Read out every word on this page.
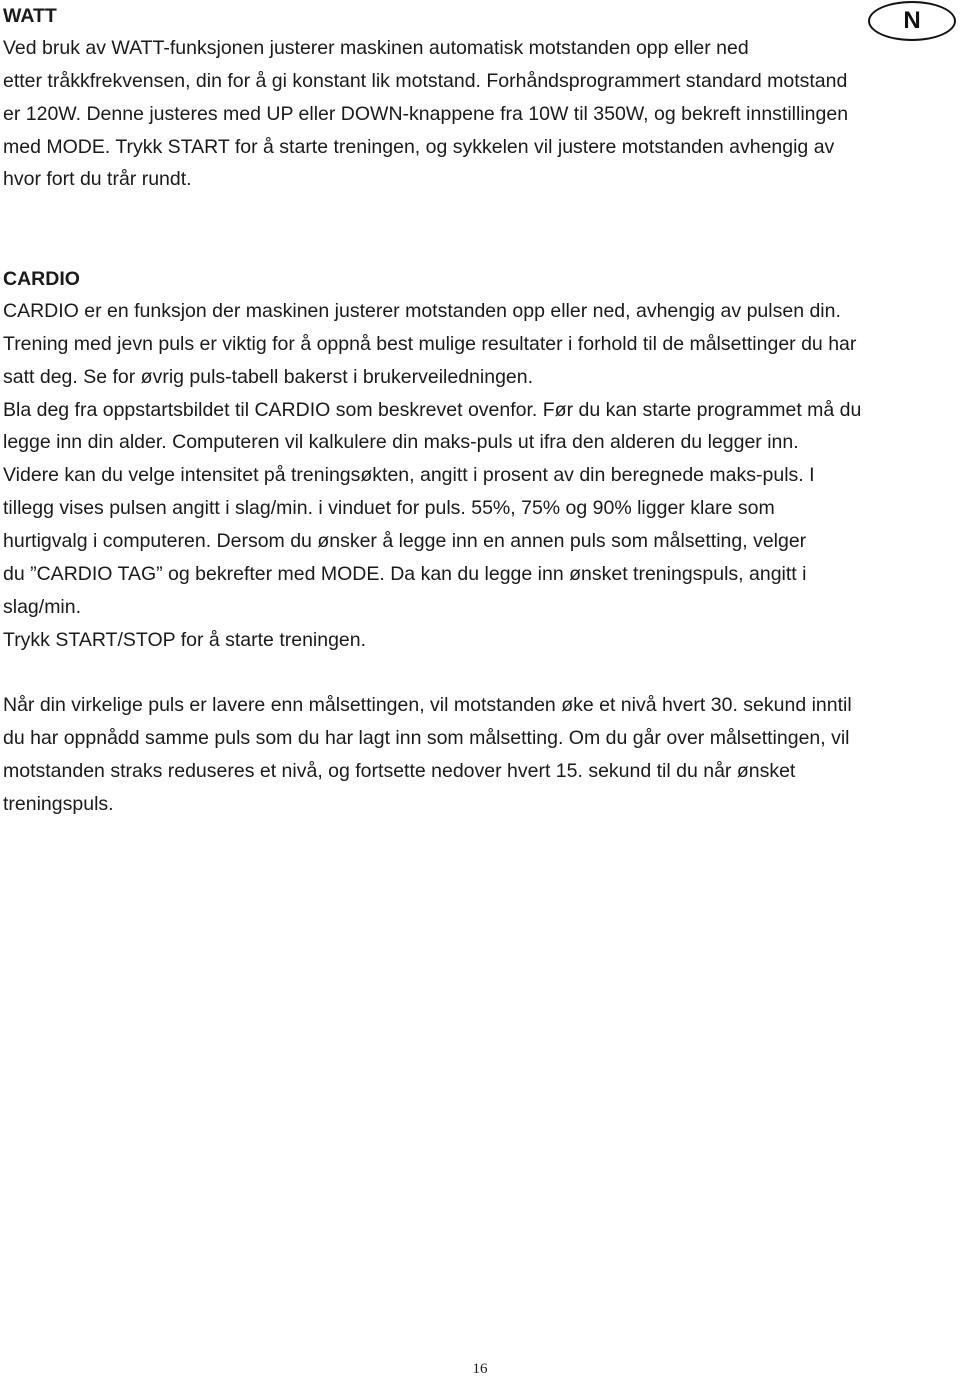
N

WATT

Ved bruk av WATT-funksjonen justerer maskinen automatisk motstanden opp eller ned

etter tråkkfrekvensen, din for å gi konstant lik motstand. Forhåndsprogrammert standard motstand

er 120W. Denne justeres med UP eller DOWN-knappene fra 10W til 350W, og bekreft innstillingen

med MODE. Trykk START for å starte treningen, og sykkelen vil justere motstanden avhengig av

hvor fort du trår rundt.

CARDIO

CARDIO er en funksjon der maskinen justerer motstanden opp eller ned, avhengig av pulsen din.

Trening med jevn puls er viktig for å oppnå best mulige resultater i forhold til de målsettinger du har

satt deg. Se for øvrig puls-tabell bakerst i brukerveiledningen.

Bla deg fra oppstartsbildet til CARDIO som beskrevet ovenfor. Før du kan starte programmet må du

legge inn din alder. Computeren vil kalkulere din maks-puls ut ifra den alderen du legger inn.

Videre kan du velge intensitet på treningsøkten, angitt i prosent av din beregnede maks-puls. I

tillegg vises pulsen angitt i slag/min. i vinduet for puls. 55%, 75% og 90% ligger klare som

hurtigvalg i computeren. Dersom du ønsker å legge inn en annen puls som målsetting, velger

du ”CARDIO TAG” og bekrefter med MODE. Da kan du legge inn ønsket treningspuls, angitt i

slag/min.

Trykk START/STOP for å starte treningen.

Når din virkelige puls er lavere enn målsettingen, vil motstanden øke et nivå hvert 30. sekund inntil

du har oppnådd samme puls som du har lagt inn som målsetting. Om du går over målsettingen, vil

motstanden straks reduseres et nivå, og fortsette nedover hvert 15. sekund til du når ønsket

treningspuls.

16
